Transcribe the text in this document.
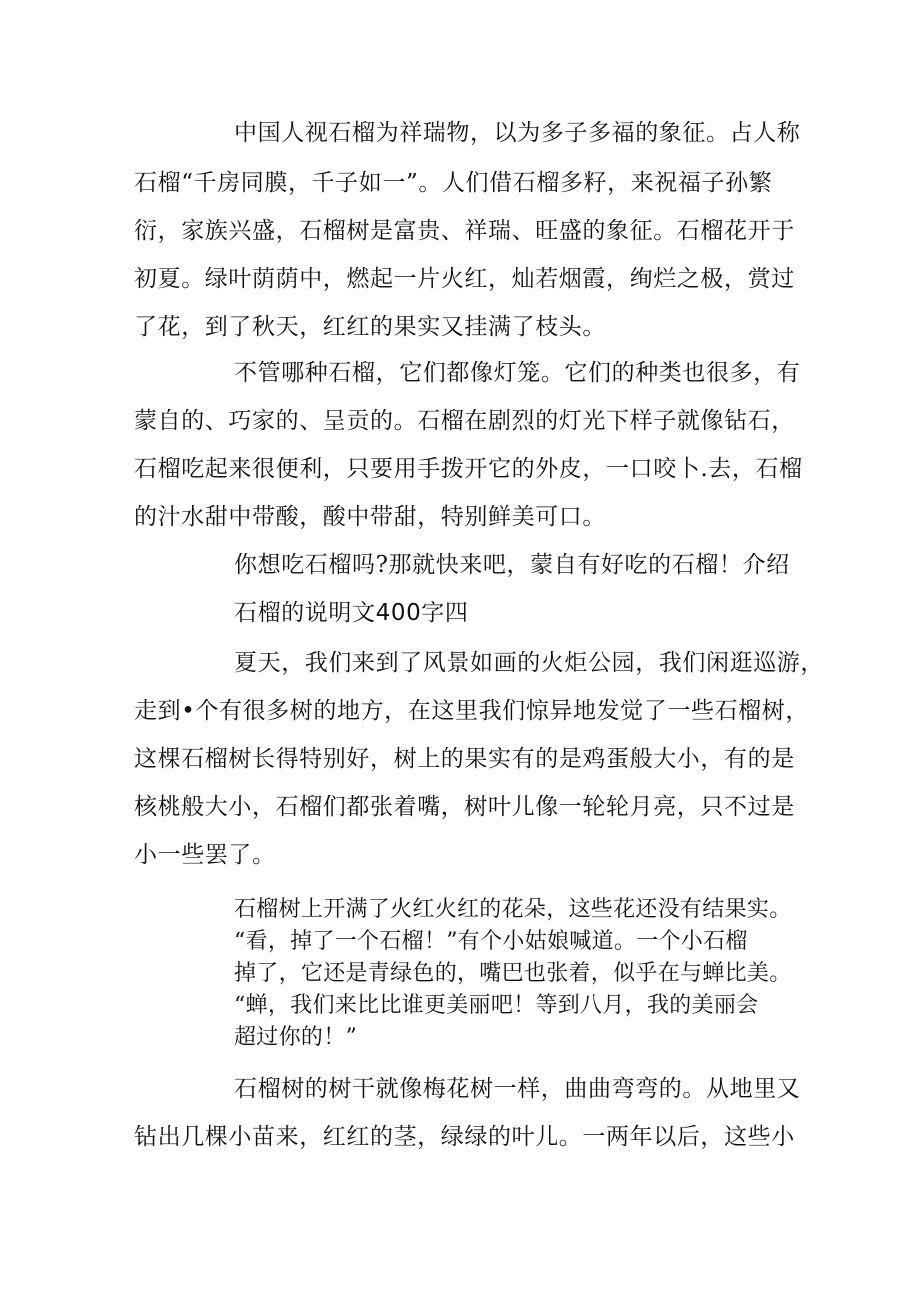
中国人视石榴为祥瑞物，以为多子多福的象征。占人称

石榴“千房同膜，千子如一”。人们借石榴多籽，来祝福子孙繁

衍，家族兴盛，石榴树是富贵、祥瑞、旺盛的象征。石榴花开于

初夏。绿叶荫荫中，燃起一片火红，灿若烟霞，绚烂之极，赏过

了花，到了秋天，红红的果实又挂满了枝头。

不管哪种石榴，它们都像灯笼。它们的种类也很多，有

蒙自的、巧家的、呈贡的。石榴在剧烈的灯光下样子就像钻石，

石榴吃起来很便利，只要用手拨开它的外皮，一口咬卜.去，石榴

的汁水甜中带酸，酸中带甜，特别鲜美可口。

你想吃石榴吗?那就快来吧，蒙自有好吃的石榴！介绍

石榴的说明文400字四

夏天，我们来到了风景如画的火炬公园，我们闲逛巡游，

走到•个有很多树的地方，在这里我们惊异地发觉了一些石榴树，

这棵石榴树长得特别好，树上的果实有的是鸡蛋般大小，有的是

核桃般大小，石榴们都张着嘴，树叶儿像一轮轮月亮，只不过是

小一些罢了。

石榴树上开满了火红火红的花朵，这些花还没有结果实。

“看，掉了一个石榴！”有个小姑娘喊道。一个小石榴

掉了，它还是青绿色的，嘴巴也张着，似乎在与蝉比美。

“蝉，我们来比比谁更美丽吧！等到八月，我的美丽会

超过你的！”

石榴树的树干就像梅花树一样，曲曲弯弯的。从地里又

钻出几棵小苗来，红红的茎，绿绿的叶儿。一两年以后，这些小
